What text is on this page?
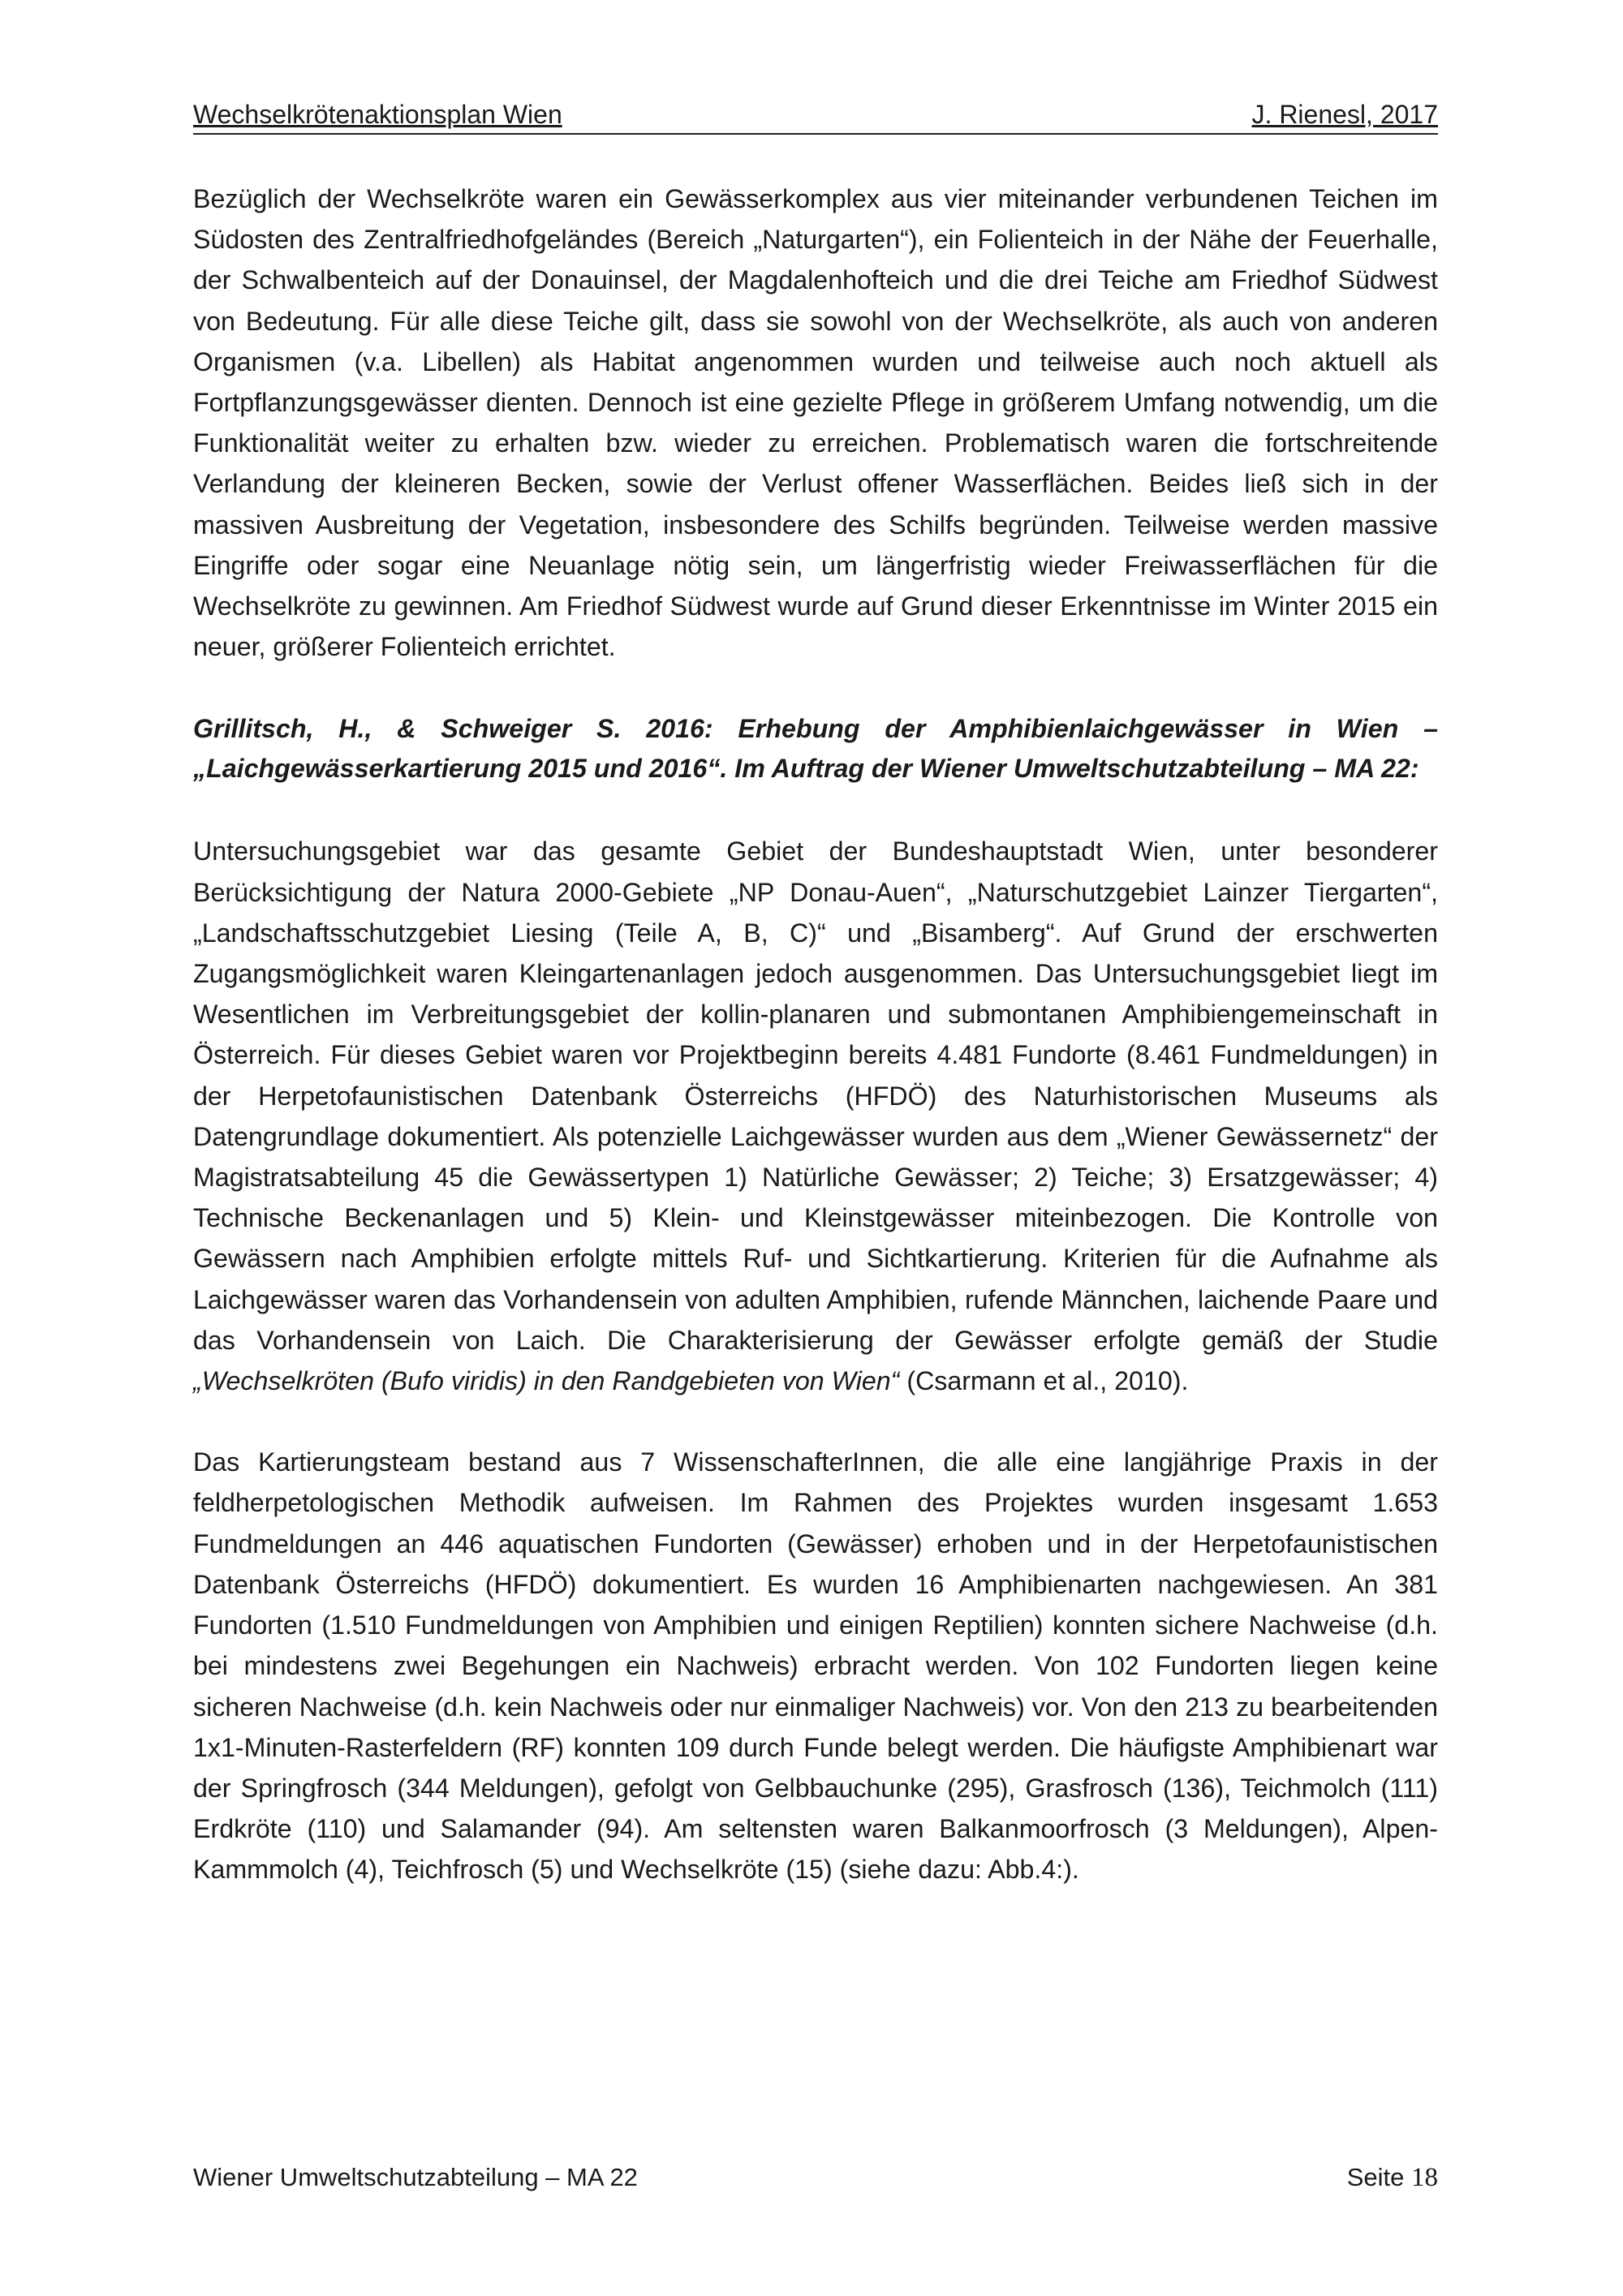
Wechselkrötenaktionsplan Wien	J. Rienesl, 2017

Bezüglich der Wechselkröte waren ein Gewässerkomplex aus vier miteinander verbundenen Teichen im Südosten des Zentralfriedhofgeländes (Bereich „Naturgarten“), ein Folienteich in der Nähe der Feuerhalle, der Schwalbenteich auf der Donauinsel, der Magdalenhofteich und die drei Teiche am Friedhof Südwest von Bedeutung. Für alle diese Teiche gilt, dass sie sowohl von der Wechselkröte, als auch von anderen Organismen (v.a. Libellen) als Habitat angenommen wurden und teilweise auch noch aktuell als Fortpflanzungsgewässer dienten. Dennoch ist eine gezielte Pflege in größerem Umfang notwendig, um die Funktionalität weiter zu erhalten bzw. wieder zu erreichen. Problematisch waren die fortschreitende Verlandung der kleineren Becken, sowie der Verlust offener Wasserflächen. Beides ließ sich in der massiven Ausbreitung der Vegetation, insbesondere des Schilfs begründen. Teilweise werden massive Eingriffe oder sogar eine Neuanlage nötig sein, um längerfristig wieder Freiwasserflächen für die Wechselkröte zu gewinnen. Am Friedhof Südwest wurde auf Grund dieser Erkenntnisse im Winter 2015 ein neuer, größerer Folienteich errichtet.

Grillitsch, H., & Schweiger S. 2016: Erhebung der Amphibienlaichgewässer in Wien – „Laichgewässerkartierung 2015 und 2016“. Im Auftrag der Wiener Umweltschutzabteilung – MA 22:

Untersuchungsgebiet war das gesamte Gebiet der Bundeshauptstadt Wien, unter besonderer Berücksichtigung der Natura 2000-Gebiete „NP Donau-Auen“, „Naturschutzgebiet Lainzer Tiergarten“, „Landschaftsschutzgebiet Liesing (Teile A, B, C)“ und „Bisamberg“. Auf Grund der erschwerten Zugangsmöglichkeit waren Kleingartenanlagen jedoch ausgenommen. Das Untersuchungsgebiet liegt im Wesentlichen im Verbreitungsgebiet der kollin-planaren und submontanen Amphibiengemeinschaft in Österreich. Für dieses Gebiet waren vor Projektbeginn bereits 4.481 Fundorte (8.461 Fundmeldungen) in der Herpetofaunistischen Datenbank Österreichs (HFDÖ) des Naturhistorischen Museums als Datengrundlage dokumentiert. Als potenzielle Laichgewässer wurden aus dem „Wiener Gewässernetz“ der Magistratsabteilung 45 die Gewässertypen 1) Natürliche Gewässer; 2) Teiche; 3) Ersatzgewässer; 4) Technische Beckenanlagen und 5) Klein- und Kleinstgewässer miteinbezogen. Die Kontrolle von Gewässern nach Amphibien erfolgte mittels Ruf- und Sichtkartierung. Kriterien für die Aufnahme als Laichgewässer waren das Vorhandensein von adulten Amphibien, rufende Männchen, laichende Paare und das Vorhandensein von Laich. Die Charakterisierung der Gewässer erfolgte gemäß der Studie „Wechselkröten (Bufo viridis) in den Randgebieten von Wien“ (Csarmann et al., 2010).

Das Kartierungsteam bestand aus 7 WissenschafterInnen, die alle eine langjährige Praxis in der feldherpetologischen Methodik aufweisen. Im Rahmen des Projektes wurden insgesamt 1.653 Fundmeldungen an 446 aquatischen Fundorten (Gewässer) erhoben und in der Herpetofaunistischen Datenbank Österreichs (HFDÖ) dokumentiert. Es wurden 16 Amphibienarten nachgewiesen. An 381 Fundorten (1.510 Fundmeldungen von Amphibien und einigen Reptilien) konnten sichere Nachweise (d.h. bei mindestens zwei Begehungen ein Nachweis) erbracht werden. Von 102 Fundorten liegen keine sicheren Nachweise (d.h. kein Nachweis oder nur einmaliger Nachweis) vor. Von den 213 zu bearbeitenden 1x1-Minuten-Rasterfeldern (RF) konnten 109 durch Funde belegt werden. Die häufigste Amphibienart war der Springfrosch (344 Meldungen), gefolgt von Gelbbauchunke (295), Grasfrosch (136), Teichmolch (111) Erdkröte (110) und Salamander (94). Am seltensten waren Balkanmoorfrosch (3 Meldungen), Alpen-Kammmolch (4), Teichfrosch (5) und Wechselkröte (15) (siehe dazu: Abb.4:).

Wiener Umweltschutzabteilung – MA 22	Seite 18
